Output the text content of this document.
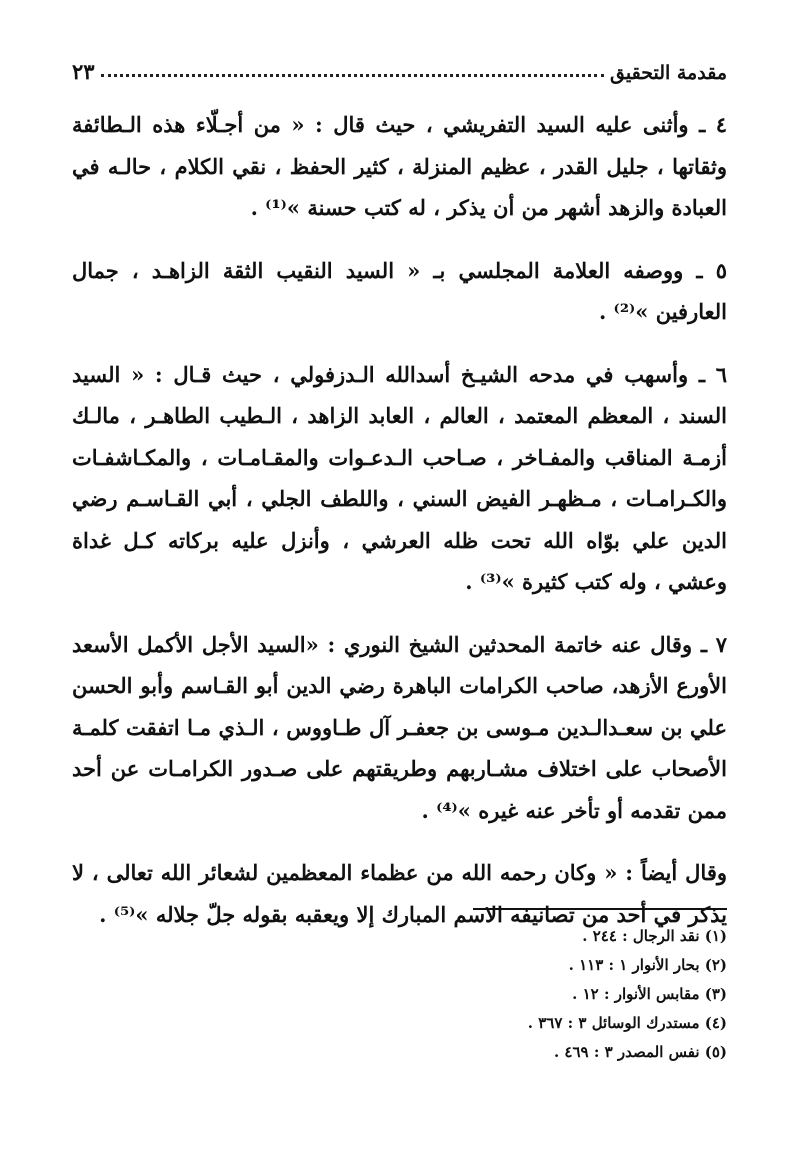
مقدمة التحقيق
٢٣

٤ ـ وأثنى عليه السيد التفريشي ، حيث قال : « من أجـلّاء هذه الـطائفة وثقاتها ، جليل القدر ، عظيم المنزلة ، كثير الحفظ ، نقي الكلام ، حالـه في العبادة والزهد أشهر من أن يذكر ، له كتب حسنة »⁽¹⁾ .

٥ ـ ووصفه العلامة المجلسي بـ « السيد النقيب الثقة الزاهـد ، جمال العارفين »⁽²⁾ .

٦ ـ وأسهب في مدحه الشيـخ أسدالله الـدزفولي ، حيث قـال : « السيد السند ، المعظم المعتمد ، العالم ، العابد الزاهد ، الـطيب الطاهـر ، مالـك أزمـة المناقب والمفـاخر ، صـاحب الـدعـوات والمقـامـات ، والمكـاشفـات والكـرامـات ، مـظهـر الفيض السني ، واللطف الجلي ، أبي القـاسـم رضي الدين علي بوّاه الله تحت ظله العرشي ، وأنزل عليه بركاته كـل غداة وعشي ، وله كتب كثيرة »⁽³⁾ .

٧ ـ وقال عنه خاتمة المحدثين الشيخ النوري : «السيد الأجل الأكمل الأسعد الأورع الأزهد، صاحب الكرامات الباهرة رضي الدين أبو القـاسم وأبو الحسن علي بن سعـدالـدين مـوسى بن جعفـر آل طـاووس ، الـذي مـا اتفقت كلمـة الأصحاب على اختلاف مشـاربهم وطريقتهم على صـدور الكرامـات عن أحد ممن تقدمه أو تأخر عنه غيره »⁽⁴⁾ .

وقال أيضاً : « وكان رحمه الله من عظماء المعظمين لشعائر الله تعالى ، لا يذكر في أحد من تصانيفه الاسم المبارك إلا ويعقبه بقوله جلّ جلاله »⁽⁵⁾ .

(١) نقد الرجال : ٢٤٤ .
(٢) بحار الأنوار ١ : ١١٣ .
(٣) مقابس الأنوار : ١٢ .
(٤) مستدرك الوسائل ٣ : ٣٦٧ .
(٥) نفس المصدر ٣ : ٤٦٩ .
